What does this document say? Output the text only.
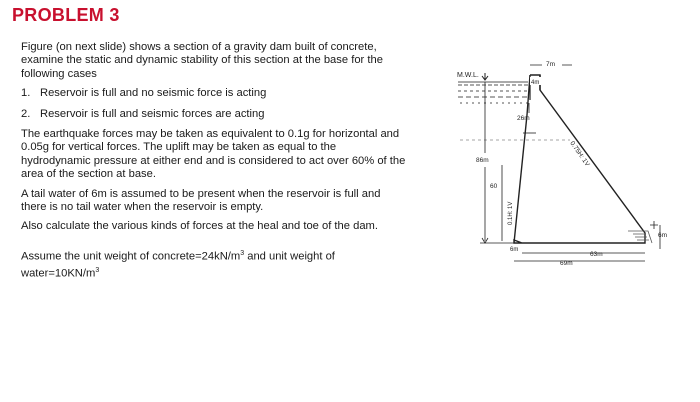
PROBLEM 3

Figure (on next slide) shows a section of a gravity dam built of concrete, examine the static and dynamic stability of this section at the base for the following cases

1. Reservoir is full and no seismic force is acting
2. Reservoir is full and seismic forces are acting

The earthquake forces may be taken as equivalent to 0.1g for horizontal and 0.05g for vertical forces. The uplift may be taken as equal to the hydrodynamic pressure at either end and is considered to act over 60% of the area of the section at base.

A tail water of 6m is assumed to be present when the reservoir is full and there is no tail water when the reservoir is empty.

Also calculate the various kinds of forces at the heal and toe of the dam.

Assume the unit weight of $concrete=24kN/m^3$ and unit weight of $water=10KN/m^3$

M.W.L.
7m
4m
26m
86m
60
0.1H: 1V
0.75H: 1V
6m
6m
63m
69m
